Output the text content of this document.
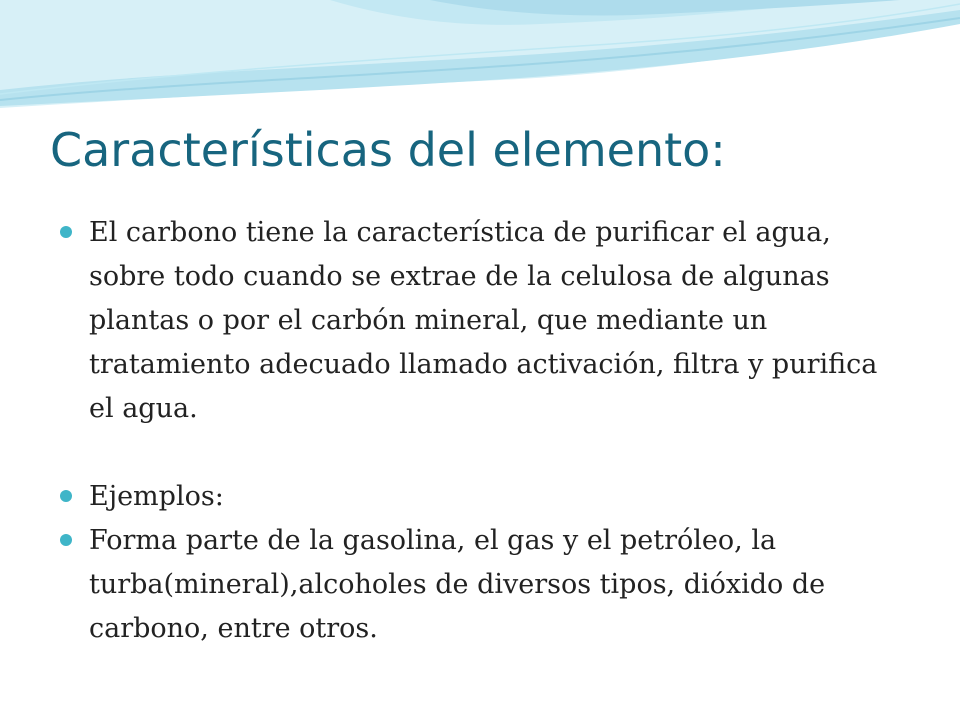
Características del elemento:
El carbono tiene la característica de purificar el agua, sobre todo cuando se extrae de la celulosa de algunas plantas o por el carbón mineral, que mediante un tratamiento adecuado llamado activación, filtra y purifica el agua.
Ejemplos:
Forma parte de la gasolina, el gas y el petróleo, la turba(mineral),alcoholes de diversos tipos, dióxido de carbono, entre otros.
